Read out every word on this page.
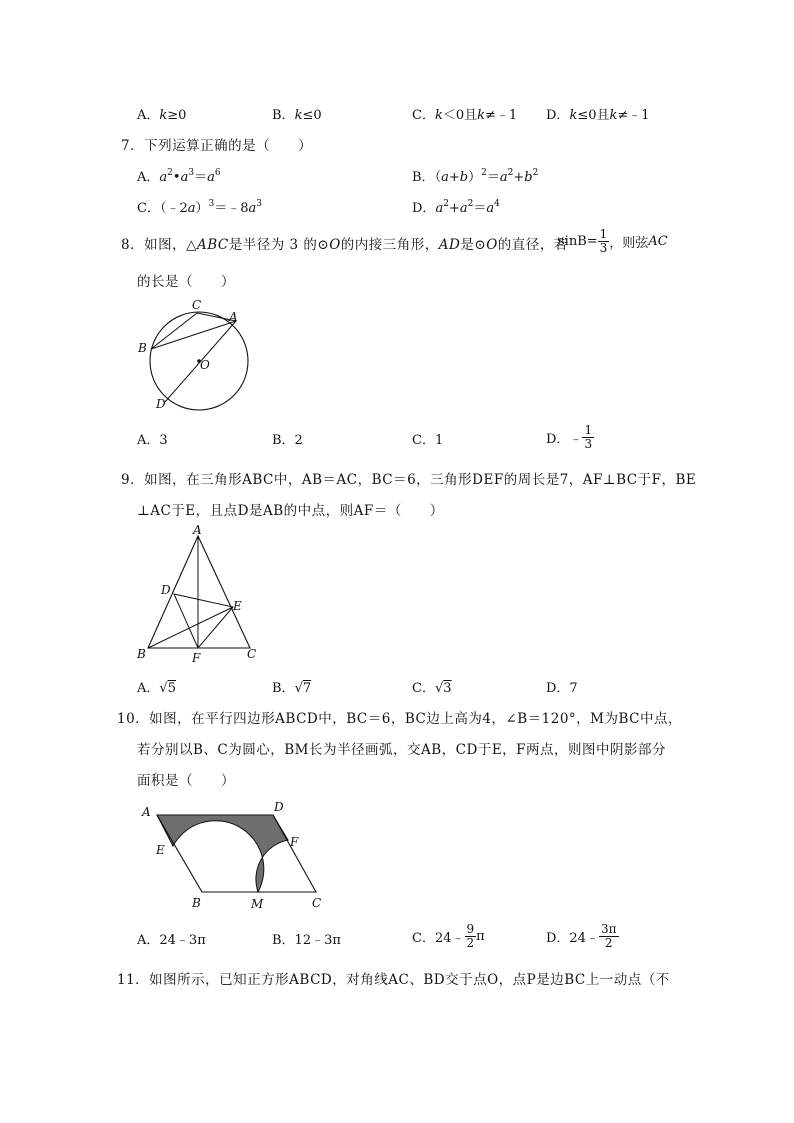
A．k≥0	B．k≤0	C．k＜0且k≠﹣1 D．k≤0且k≠﹣1
7．下列运算正确的是（　　）
A．$a^2•a^3=a^6$	B．$(a+b)^2=a^2+b^2$
C．$(﹣2a)^3=﹣8a^3$	D．$a^2+a^2=a^4$
8．如图，△ABC是半径为 3 的⊙O的内接三角形，AD是⊙O的直径，若
$\sin B= \frac{1}{3}$ ，则弦AC
的长是（　　）
C
A
B
O
D
A．3	B．2	C．1	D．﹣ $\frac{1}{3}$
9．如图，在三角形ABC中，AB＝AC，BC＝6，三角形DEF的周长是7，AF⊥BC于F，BE
⊥AC于E，且点D是AB的中点，则AF＝（　　）
A
D
E
B	F	C
A．√5	B．√7	C．√3	D．7
10．如图，在平行四边形ABCD中，BC＝6，BC边上高为4，∠B＝120°，M为BC中点，
若分别以B、C为圆心，BM长为半径画弧，交AB，CD于E，F两点，则图中阴影部分
面积是（　　）
A	D
E
F
B	M	C
A．24﹣3π	B．12﹣3π	C．24﹣ $\frac{9}{2}$ π	D．24﹣ $\frac{3\pi}{2}$
11．如图所示，已知正方形ABCD，对角线AC、BD交于点O，点P是边BC上一动点（不
